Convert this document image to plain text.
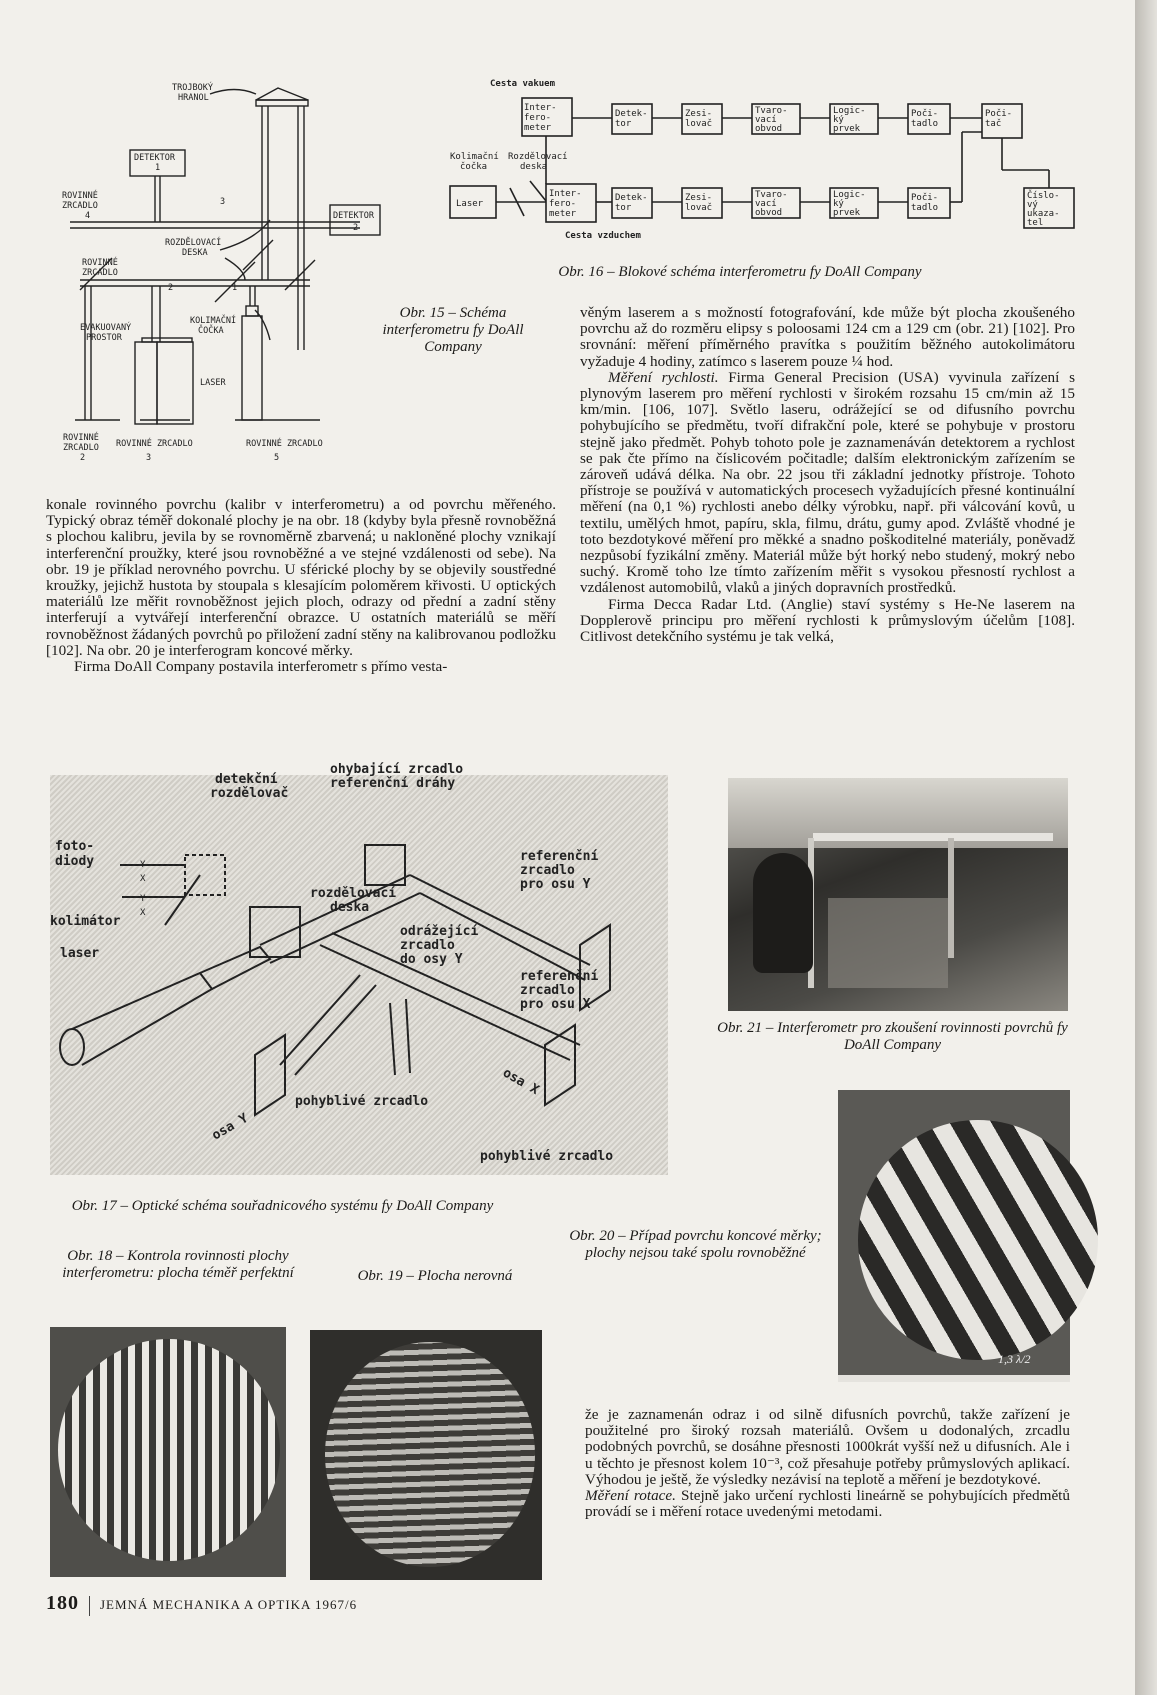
TROJBOKÝ
HRANOL
DETEKTOR
1
ROVINNÉ
ZRCADLO
4	DETEKTOR
2
3
ROZDĚLOVACÍ
DESKA
ROVINNÉ
ZRCADLO
2	1
EVAKUOVANÝ
PROSTOR
KOLIMAČNÍ
ČOČKA
LASER
ROVINNÉ
ZRCADLO
2
ROVINNÉ ZRCADLO
3
ROVINNÉ ZRCADLO
5
Obr. 15 – Schéma interferometru fy DoAll Company
Cesta vakuem
Inter-
fero-
meter
Detek-
tor
Zesi-
lovač
Tvaro-
vací
obvod
Logic-
ký
prvek
Poči-
tadlo
Poči-
tač
Kolimační
čočka
Rozdělovací
deska
Laser
Inter-
fero-
meter
Detek-
tor
Zesi-
lovač
Tvaro-
vací
obvod
Logic-
ký
prvek
Poči-
tadlo
Číslo-
vý
ukaza-
tel
Cesta vzduchem
Obr. 16 – Blokové schéma interferometru fy DoAll Company

konale rovinného povrchu (kalibr v interferometru) a od povrchu měřeného. Typický obraz téměř dokonalé plochy je na obr. 18 (kdyby byla přesně rovnoběžná s plochou kalibru, jevila by se rovnoměrně zbarvená; u nakloněné plochy vznikají interferenční proužky, které jsou rovnoběžné a ve stejné vzdálenosti od sebe). Na obr. 19 je příklad nerovného povrchu. U sférické plochy by se objevily soustředné kroužky, jejichž hustota by stoupala s klesajícím poloměrem křivosti. U optických materiálů lze měřit rovnoběžnost jejich ploch, odrazy od přední a zadní stěny interferují a vytvářejí interferenční obrazce. U ostatních materiálů se měří rovnoběžnost žádaných povrchů po přiložení zadní stěny na kalibrovanou podložku [102]. Na obr. 20 je interferogram koncové měrky.

Firma DoAll Company postavila interferometr s přímo vesta-

věným laserem a s možností fotografování, kde může být plocha zkoušeného povrchu až do rozměru elipsy s poloosami 124 cm a 129 cm (obr. 21) [102]. Pro srovnání: měření příměrného pravítka s použitím běžného autokolimátoru vyžaduje 4 hodiny, zatímco s laserem pouze ¼ hod.

Měření rychlosti. Firma General Precision (USA) vyvinula zařízení s plynovým laserem pro měření rychlosti v širokém rozsahu 15 cm/min až 15 km/min. [106, 107]. Světlo laseru, odrážející se od difusního povrchu pohybujícího se předmětu, tvoří difrakční pole, které se pohybuje v prostoru stejně jako předmět. Pohyb tohoto pole je zaznamenáván detektorem a rychlost se pak čte přímo na číslicovém počitadle; dalším elektronickým zařízením se zároveň udává délka. Na obr. 22 jsou tři základní jednotky přístroje. Tohoto přístroje se používá v automatických procesech vyžadujících přesné kontinuální měření (na 0,1 %) rychlosti anebo délky výrobku, např. při válcování kovů, u textilu, umělých hmot, papíru, skla, filmu, drátu, gumy apod. Zvláště vhodné je toto bezdotykové měření pro měkké a snadno poškoditelné materiály, poněvadž nezpůsobí fyzikální změny. Materiál může být horký nebo studený, mokrý nebo suchý. Kromě toho lze tímto zařízením měřit s vysokou přesností rychlost a vzdálenost automobilů, vlaků a jiných dopravních prostředků.

Firma Decca Radar Ltd. (Anglie) staví systémy s He-Ne laserem na Dopplerově principu pro měření rychlosti k průmyslovým účelům [108]. Citlivost detekčního systému je tak velká,

detekční
rozdělovač
ohybající zrcadlo
referenční dráhy
foto-
diody	referenční
zrcadlo
pro osu Y
rozdělovací
deska
kolimátor
laser
odrážející
zrcadlo
do osy Y
referenční
zrcadlo
pro osu X
pohyblivé zrcadlo
osa Y
osa X
pohyblivé zrcadlo
Y
X
Y
X
Obr. 17 – Optické schéma souřadnicového systému fy DoAll Company
Obr. 21 – Interferometr pro zkoušení rovinnosti povrchů fy DoAll Company
1,3 λ/2
Obr. 20 – Případ povrchu koncové měrky; plochy nejsou také spolu rovnoběžné
Obr. 18 – Kontrola rovinnosti plochy interferometru: plocha téměř perfektní	Obr. 19 – Plocha nerovná

že je zaznamenán odraz i od silně difusních povrchů, takže zařízení je použitelné pro široký rozsah materiálů. Ovšem u dodonalých, zrcadlu podobných povrchů, se dosáhne přesnosti 1000krát vyšší než u difusních. Ale i u těchto je přesnost kolem 10⁻³, což přesahuje potřeby průmyslových aplikací. Výhodou je ještě, že výsledky nezávisí na teplotě a měření je bezdotykové.

Měření rotace. Stejně jako určení rychlosti lineárně se pohybujících předmětů provádí se i měření rotace uvedenými metodami.

180 JEMNÁ MECHANIKA A OPTIKA 1967/6
